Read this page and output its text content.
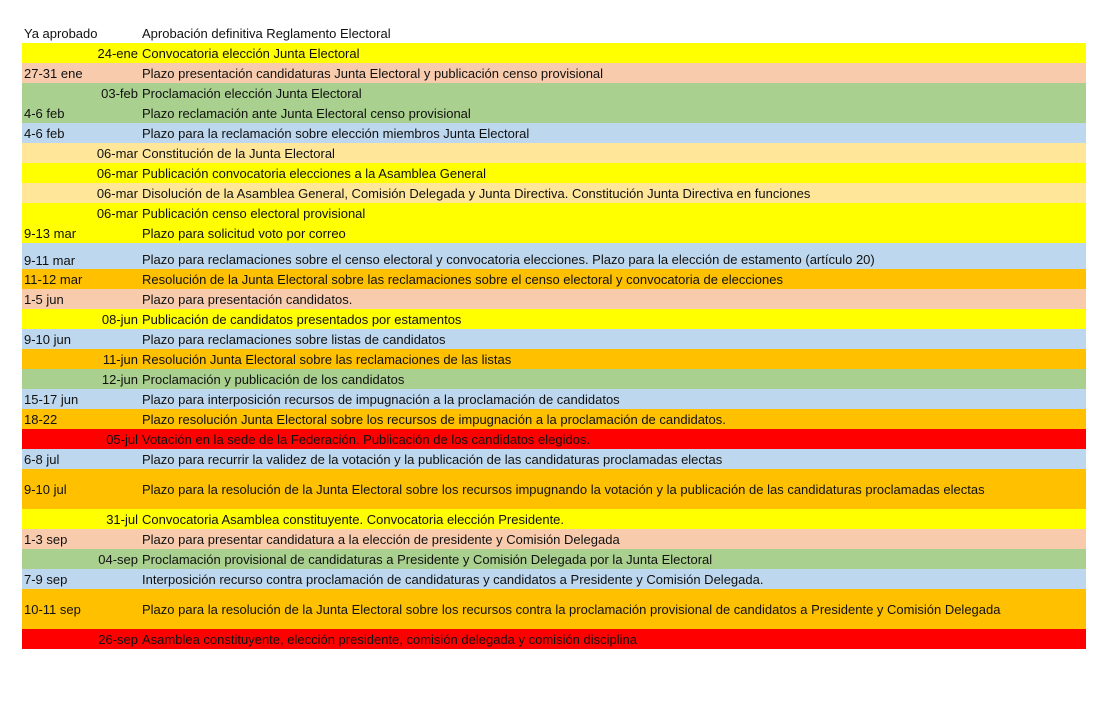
Ya aprobado	Aprobación definitiva Reglamento Electoral
24-ene Convocatoria elección Junta Electoral
27-31 ene	Plazo presentación candidaturas Junta Electoral y publicación censo provisional
03-feb Proclamación elección Junta Electoral
4-6 feb	Plazo reclamación ante Junta Electoral censo provisional
4-6 feb	Plazo para la reclamación sobre elección miembros Junta Electoral
06-mar Constitución de la Junta Electoral
06-mar Publicación convocatoria elecciones a la Asamblea General
06-mar Disolución de la Asamblea General, Comisión Delegada y Junta Directiva. Constitución Junta Directiva en funciones
06-mar Publicación censo electoral provisional
9-13 mar	Plazo para solicitud voto por correo
9-11 mar	Plazo para reclamaciones sobre el censo electoral y convocatoria elecciones. Plazo para la elección de estamento (artículo 20)
11-12 mar	Resolución de la Junta Electoral sobre las reclamaciones sobre el censo electoral y convocatoria de elecciones
1-5 jun	Plazo para presentación candidatos.
08-jun Publicación de candidatos presentados por estamentos
9-10 jun	Plazo para reclamaciones sobre listas de candidatos
11-jun Resolución Junta Electoral sobre las reclamaciones de las listas
12-jun Proclamación y publicación de los candidatos
15-17 jun	Plazo para interposición recursos de impugnación a la proclamación de candidatos
18-22	Plazo resolución Junta Electoral sobre los recursos de impugnación a la proclamación de candidatos.
05-jul Votación en la sede de la Federación. Publicación de los candidatos elegidos.
6-8 jul	Plazo para recurrir la validez de la votación y la publicación de las candidaturas proclamadas electas
9-10 jul	Plazo para la resolución de la Junta Electoral sobre los recursos impugnando la votación y la publicación de las candidaturas proclamadas electas
31-jul Convocatoria Asamblea constituyente. Convocatoria elección Presidente.
1-3 sep	Plazo para presentar candidatura a la elección de presidente y Comisión Delegada
04-sep Proclamación provisional de candidaturas a Presidente y Comisión Delegada por la Junta Electoral
7-9 sep	Interposición recurso contra proclamación de candidaturas y candidatos a Presidente y Comisión Delegada.
10-11 sep	Plazo para la resolución de la Junta Electoral sobre los recursos contra la proclamación provisional de candidatos a Presidente y Comisión Delegada
26-sep Asamblea constituyente, elección presidente, comisión delegada y comisión disciplina
